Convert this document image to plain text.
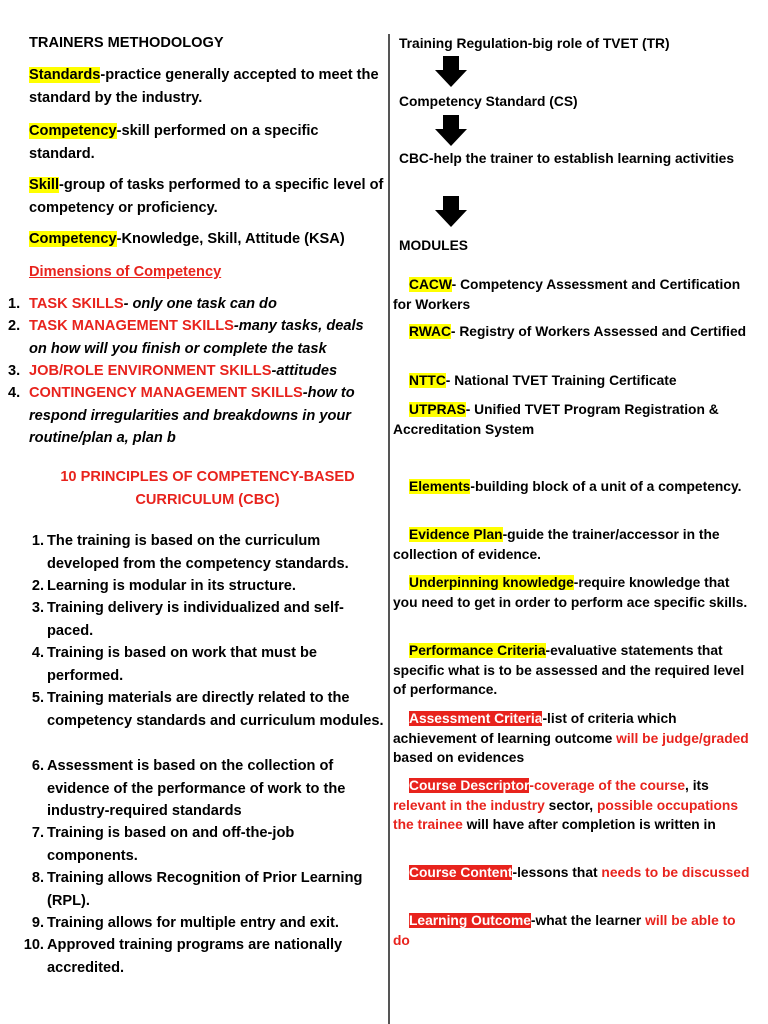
TRAINERS METHODOLOGY
Standards-practice generally accepted to meet the standard by the industry.
Competency-skill performed on a specific standard.
Skill-group of tasks performed to a specific level of competency or proficiency.
Competency-Knowledge, Skill, Attitude (KSA)
Dimensions of Competency
1. TASK SKILLS- only one task can do
2. TASK MANAGEMENT SKILLS-many tasks, deals
on how will you finish or complete the task
3. JOB/ROLE ENVIRONMENT SKILLS-attitudes
4. CONTINGENCY MANAGEMENT SKILLS-how to
respond irregularities and breakdowns in your routine/plan a, plan b
10 PRINCIPLES OF COMPETENCY-BASED
CURRICULUM (CBC)
1. The training is based on the curriculum developed from the competency standards.
2. Learning is modular in its structure.
3. Training delivery is individualized and self-paced.
4. Training is based on work that must be performed.
5. Training materials are directly related to the competency standards and curriculum modules.
6. Assessment is based on the collection of evidence of the performance of work to the industry-required standards
7. Training is based on and off-the-job components.
8. Training allows Recognition of Prior Learning (RPL).
9. Training allows for multiple entry and exit.
10. Approved training programs are nationally accredited.
Training Regulation-big role of TVET (TR)
Competency Standard (CS)
CBC-help the trainer to establish learning activities
MODULES
CACW- Competency Assessment and Certification for Workers
RWAC- Registry of Workers Assessed and Certified
NTTC- National TVET Training Certificate
UTPRAS- Unified TVET Program Registration & Accreditation System
Elements-building block of a unit of a competency.
Evidence Plan-guide the trainer/accessor in the collection of evidence.
Underpinning knowledge-require knowledge that you need to get in order to perform ace specific skills.
Performance Criteria-evaluative statements that specific what is to be assessed and the required level of performance.
Assessment Criteria-list of criteria which achievement of learning outcome will be judge/graded based on evidences
Course Descriptor-coverage of the course, its relevant in the industry sector, possible occupations the trainee will have after completion is written in
Course Content-lessons that needs to be discussed
Learning Outcome-what the learner will be able to do
